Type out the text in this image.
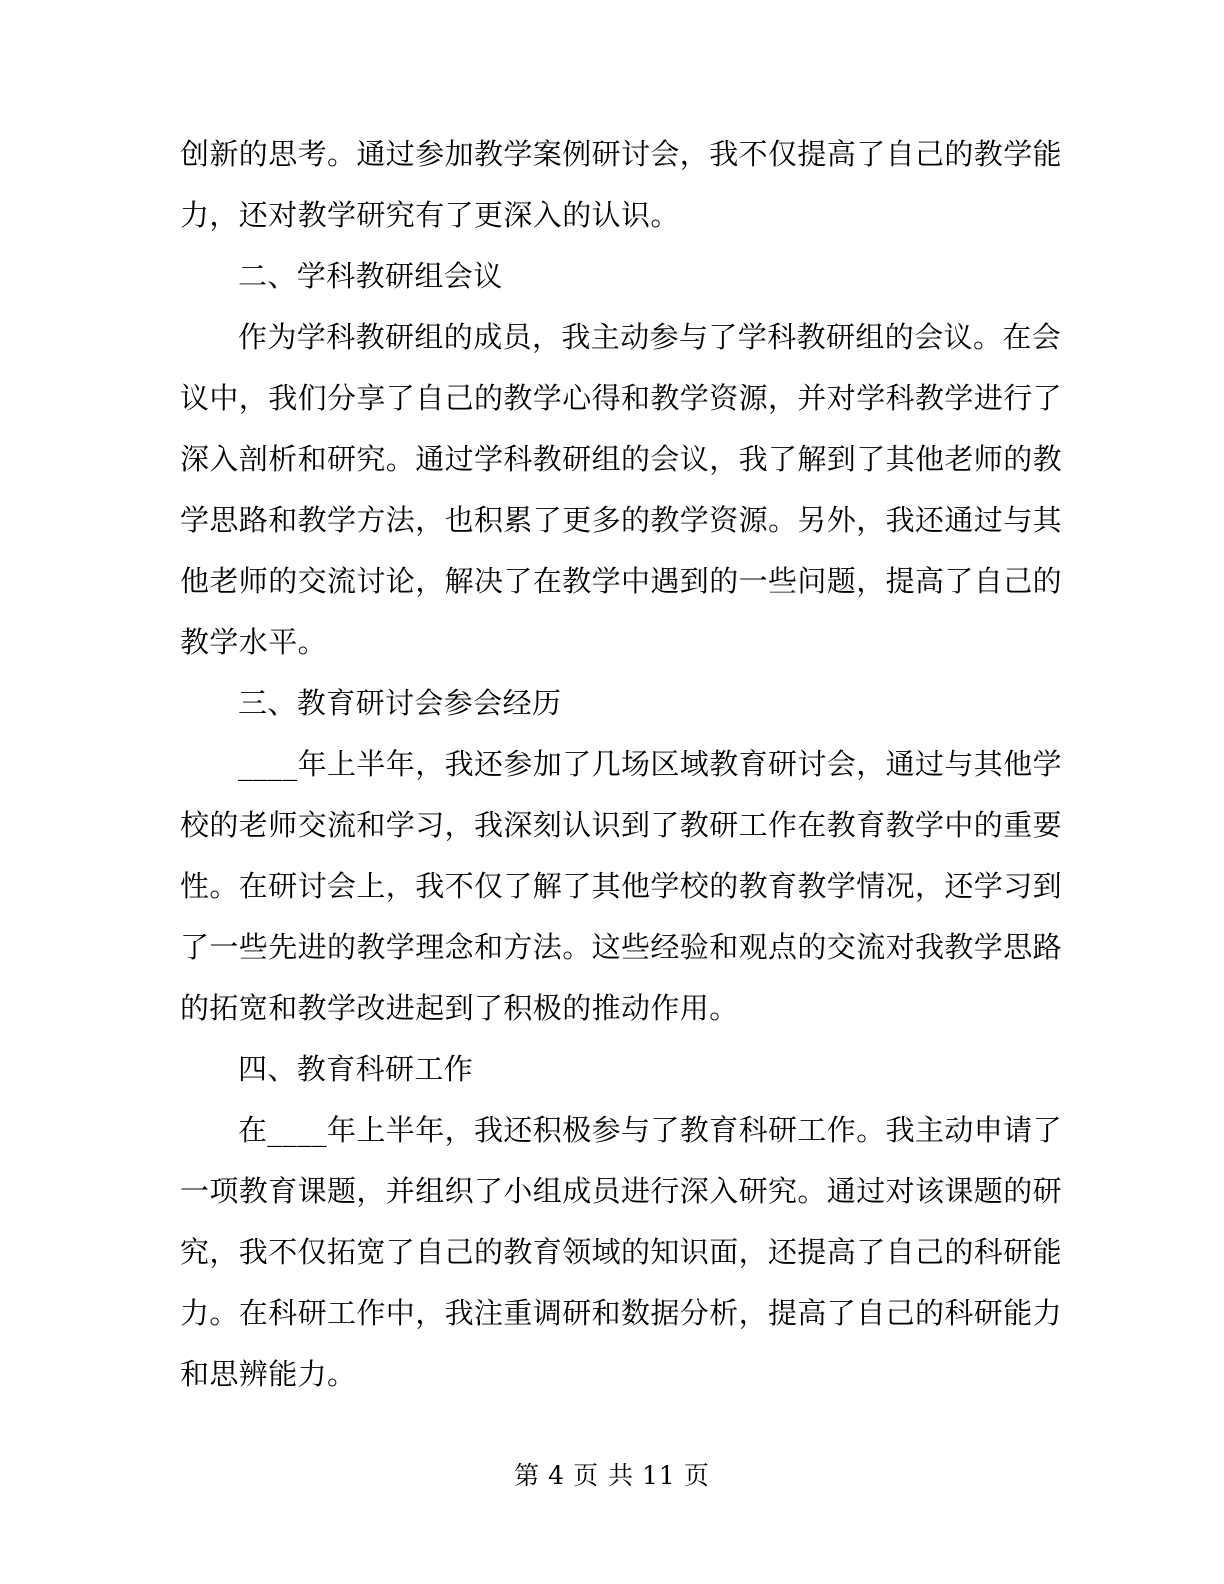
创新的思考。通过参加教学案例研讨会，我不仅提高了自己的教学能
力，还对教学研究有了更深入的认识。
二、学科教研组会议
作为学科教研组的成员，我主动参与了学科教研组的会议。在会
议中，我们分享了自己的教学心得和教学资源，并对学科教学进行了
深入剖析和研究。通过学科教研组的会议，我了解到了其他老师的教
学思路和教学方法，也积累了更多的教学资源。另外，我还通过与其
他老师的交流讨论，解决了在教学中遇到的一些问题，提高了自己的
教学水平。
三、教育研讨会参会经历
____年上半年，我还参加了几场区域教育研讨会，通过与其他学
校的老师交流和学习，我深刻认识到了教研工作在教育教学中的重要
性。在研讨会上，我不仅了解了其他学校的教育教学情况，还学习到
了一些先进的教学理念和方法。这些经验和观点的交流对我教学思路
的拓宽和教学改进起到了积极的推动作用。
四、教育科研工作
在____年上半年，我还积极参与了教育科研工作。我主动申请了
一项教育课题，并组织了小组成员进行深入研究。通过对该课题的研
究，我不仅拓宽了自己的教育领域的知识面，还提高了自己的科研能
力。在科研工作中，我注重调研和数据分析，提高了自己的科研能力
和思辨能力。
第 4 页 共 11 页
